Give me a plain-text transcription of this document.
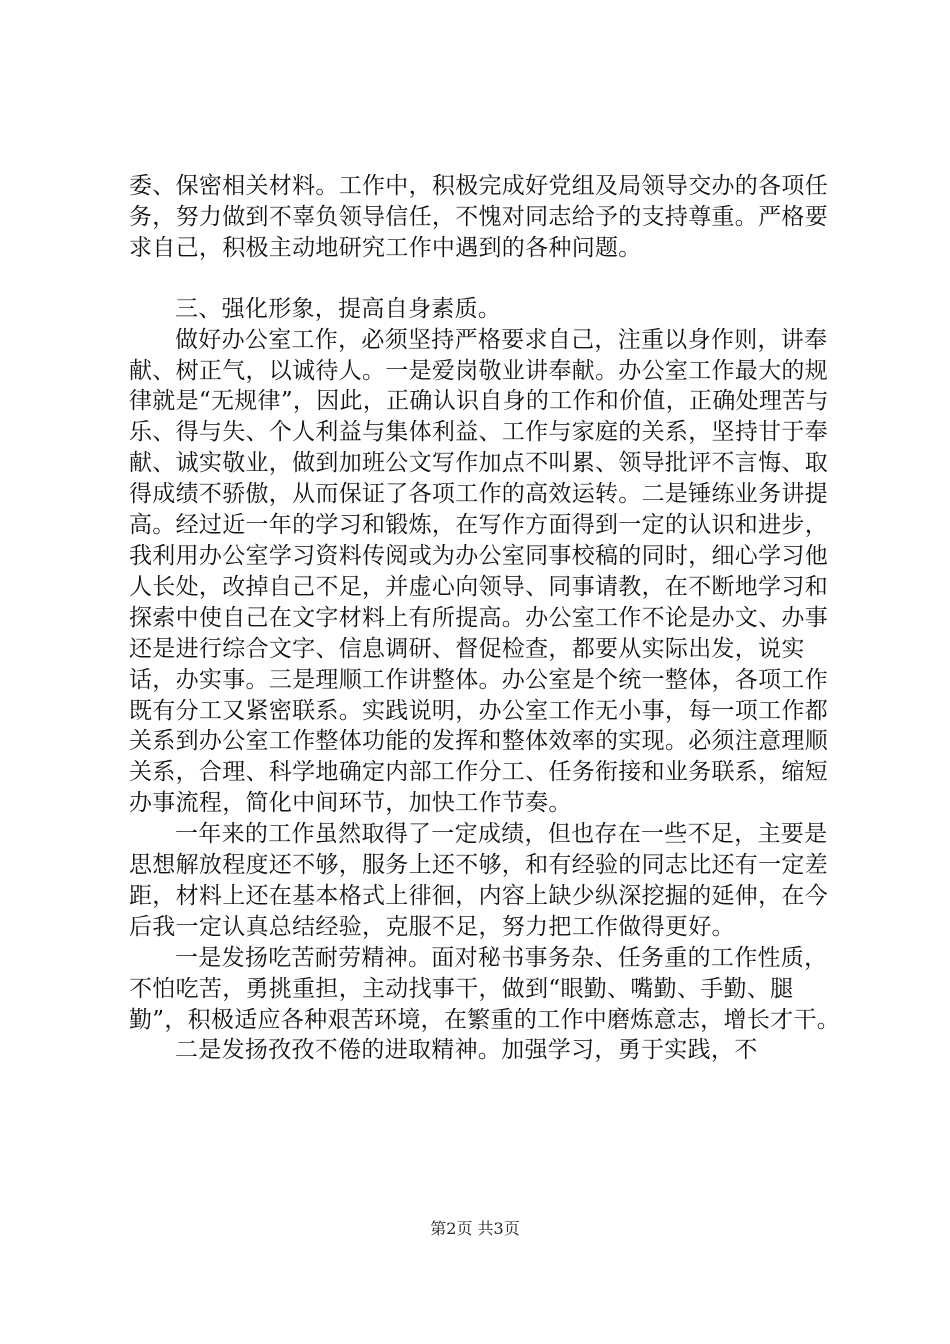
委、保密相关材料。工作中，积极完成好党组及局领导交办的各项任务，努力做到不辜负领导信任，不愧对同志给予的支持尊重。严格要求自己，积极主动地研究工作中遇到的各种问题。

三、强化形象，提高自身素质。

做好办公室工作，必须坚持严格要求自己，注重以身作则，讲奉献、树正气，以诚待人。一是爱岗敬业讲奉献。办公室工作最大的规律就是“无规律”，因此，正确认识自身的工作和价值，正确处理苦与乐、得与失、个人利益与集体利益、工作与家庭的关系，坚持甘于奉献、诚实敬业，做到加班公文写作加点不叫累、领导批评不言悔、取得成绩不骄傲，从而保证了各项工作的高效运转。二是锤练业务讲提高。经过近一年的学习和锻炼，在写作方面得到一定的认识和进步，我利用办公室学习资料传阅或为办公室同事校稿的同时，细心学习他人长处，改掉自己不足，并虚心向领导、同事请教，在不断地学习和探索中使自己在文字材料上有所提高。办公室工作不论是办文、办事还是进行综合文字、信息调研、督促检查，都要从实际出发，说实话，办实事。三是理顺工作讲整体。办公室是个统一整体，各项工作既有分工又紧密联系。实践说明，办公室工作无小事，每一项工作都关系到办公室工作整体功能的发挥和整体效率的实现。必须注意理顺关系，合理、科学地确定内部工作分工、任务衔接和业务联系，缩短办事流程，简化中间环节，加快工作节奏。

一年来的工作虽然取得了一定成绩，但也存在一些不足，主要是思想解放程度还不够，服务上还不够，和有经验的同志比还有一定差距，材料上还在基本格式上徘徊，内容上缺少纵深挖掘的延伸，在今后我一定认真总结经验，克服不足，努力把工作做得更好。

一是发扬吃苦耐劳精神。面对秘书事务杂、任务重的工作性质，不怕吃苦，勇挑重担，主动找事干，做到“眼勤、嘴勤、手勤、腿勤”，积极适应各种艰苦环境，在繁重的工作中磨炼意志，增长才干。

二是发扬孜孜不倦的进取精神。加强学习，勇于实践，不

第2页 共3页
